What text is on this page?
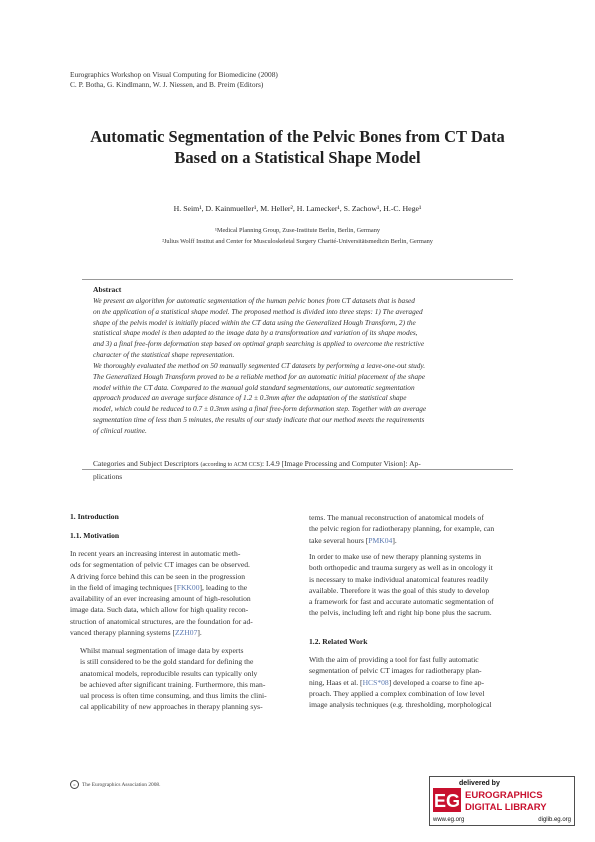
Eurographics Workshop on Visual Computing for Biomedicine (2008)
C. P. Botha, G. Kindlmann, W. J. Niessen, and B. Preim (Editors)
Automatic Segmentation of the Pelvic Bones from CT Data
Based on a Statistical Shape Model
H. Seim¹, D. Kainmueller¹, M. Heller², H. Lamecker¹, S. Zachow¹, H.-C. Hege¹
¹Medical Planning Group, Zuse-Institute Berlin, Berlin, Germany
²Julius Wolff Institut and Center for Musculoskeletal Surgery Charité-Universitätsmedizin Berlin, Germany
Abstract
We present an algorithm for automatic segmentation of the human pelvic bones from CT datasets that is based
on the application of a statistical shape model. The proposed method is divided into three steps: 1) The averaged
shape of the pelvis model is initially placed within the CT data using the Generalized Hough Transform, 2) the
statistical shape model is then adapted to the image data by a transformation and variation of its shape modes,
and 3) a final free-form deformation step based on optimal graph searching is applied to overcome the restrictive
character of the statistical shape representation.
We thoroughly evaluated the method on 50 manually segmented CT datasets by performing a leave-one-out study.
The Generalized Hough Transform proved to be a reliable method for an automatic initial placement of the shape
model within the CT data. Compared to the manual gold standard segmentations, our automatic segmentation
approach produced an average surface distance of 1.2 ± 0.3mm after the adaptation of the statistical shape
model, which could be reduced to 0.7 ± 0.3mm using a final free-form deformation step. Together with an average
segmentation time of less than 5 minutes, the results of our study indicate that our method meets the requirements
of clinical routine.
Categories and Subject Descriptors (according to ACM CCS): I.4.9 [Image Processing and Computer Vision]: Ap-
plications
1. Introduction
1.1. Motivation
In recent years an increasing interest in automatic meth-
ods for segmentation of pelvic CT images can be observed.
A driving force behind this can be seen in the progression
in the field of imaging techniques [FKK00], leading to the
availability of an ever increasing amount of high-resolution
image data. Such data, which allow for high quality recon-
struction of anatomical structures, are the foundation for ad-
vanced therapy planning systems [ZZH07].
Whilst manual segmentation of image data by experts
is still considered to be the gold standard for defining the
anatomical models, reproducible results can typically only
be achieved after significant training. Furthermore, this man-
ual process is often time consuming, and thus limits the clini-
cal applicability of new approaches in therapy planning sys-
tems. The manual reconstruction of anatomical models of
the pelvic region for radiotherapy planning, for example, can
take several hours [PMK04].
In order to make use of new therapy planning systems in
both orthopedic and trauma surgery as well as in oncology it
is necessary to make individual anatomical features readily
available. Therefore it was the goal of this study to develop
a framework for fast and accurate automatic segmentation of
the pelvis, including left and right hip bone plus the sacrum.
1.2. Related Work
With the aim of providing a tool for fast fully automatic
segmentation of pelvic CT images for radiotherapy plan-
ning, Haas et al. [HCS*08] developed a coarse to fine ap-
proach. They applied a complex combination of low level
image analysis techniques (e.g. thresholding, morphological
c	The Eurographics Association 2008.	delivered by
EG EUROGRAPHICS
DIGITAL LIBRARY
www.eg.org	diglib.eg.org
